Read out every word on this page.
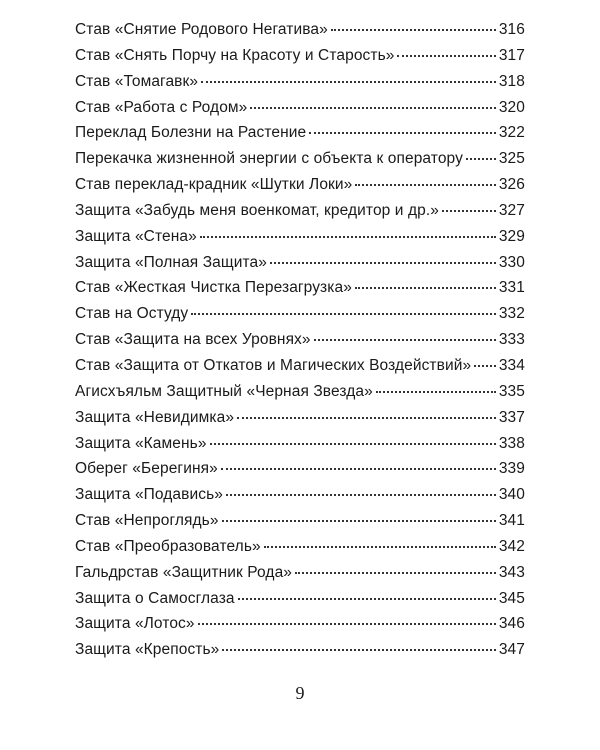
Став «Снятие Родового Негатива»	316
Став «Снять Порчу на Красоту и Старость»	317
Став «Томагавк»	318
Став «Работа с Родом»	320
Переклад Болезни на Растение	322
Перекачка жизненной энергии с объекта к оператору 325
Став переклад-крадник «Шутки Локи»	326
Защита «Забудь меня военкомат, кредитор и др.»	327
Защита «Стена»	329
Защита «Полная Защита»	330
Став «Жесткая Чистка Перезагрузка»	331
Став на Остуду	332
Став «Защита на всех Уровнях»	333
Став «Защита от Откатов и Магических Воздействий» 334
Агисхъяльм Защитный «Черная Звезда»	335
Защита «Невидимка»	337
Защита «Камень»	338
Оберег «Берегиня»	339
Защита «Подавись»	340
Став «Непроглядь»	341
Став «Преобразователь»	342
Гальдрстав «Защитник Рода»	343
Защита о Самосглаза	345
Защита «Лотос»	346
Защита «Крепость»	347
9
